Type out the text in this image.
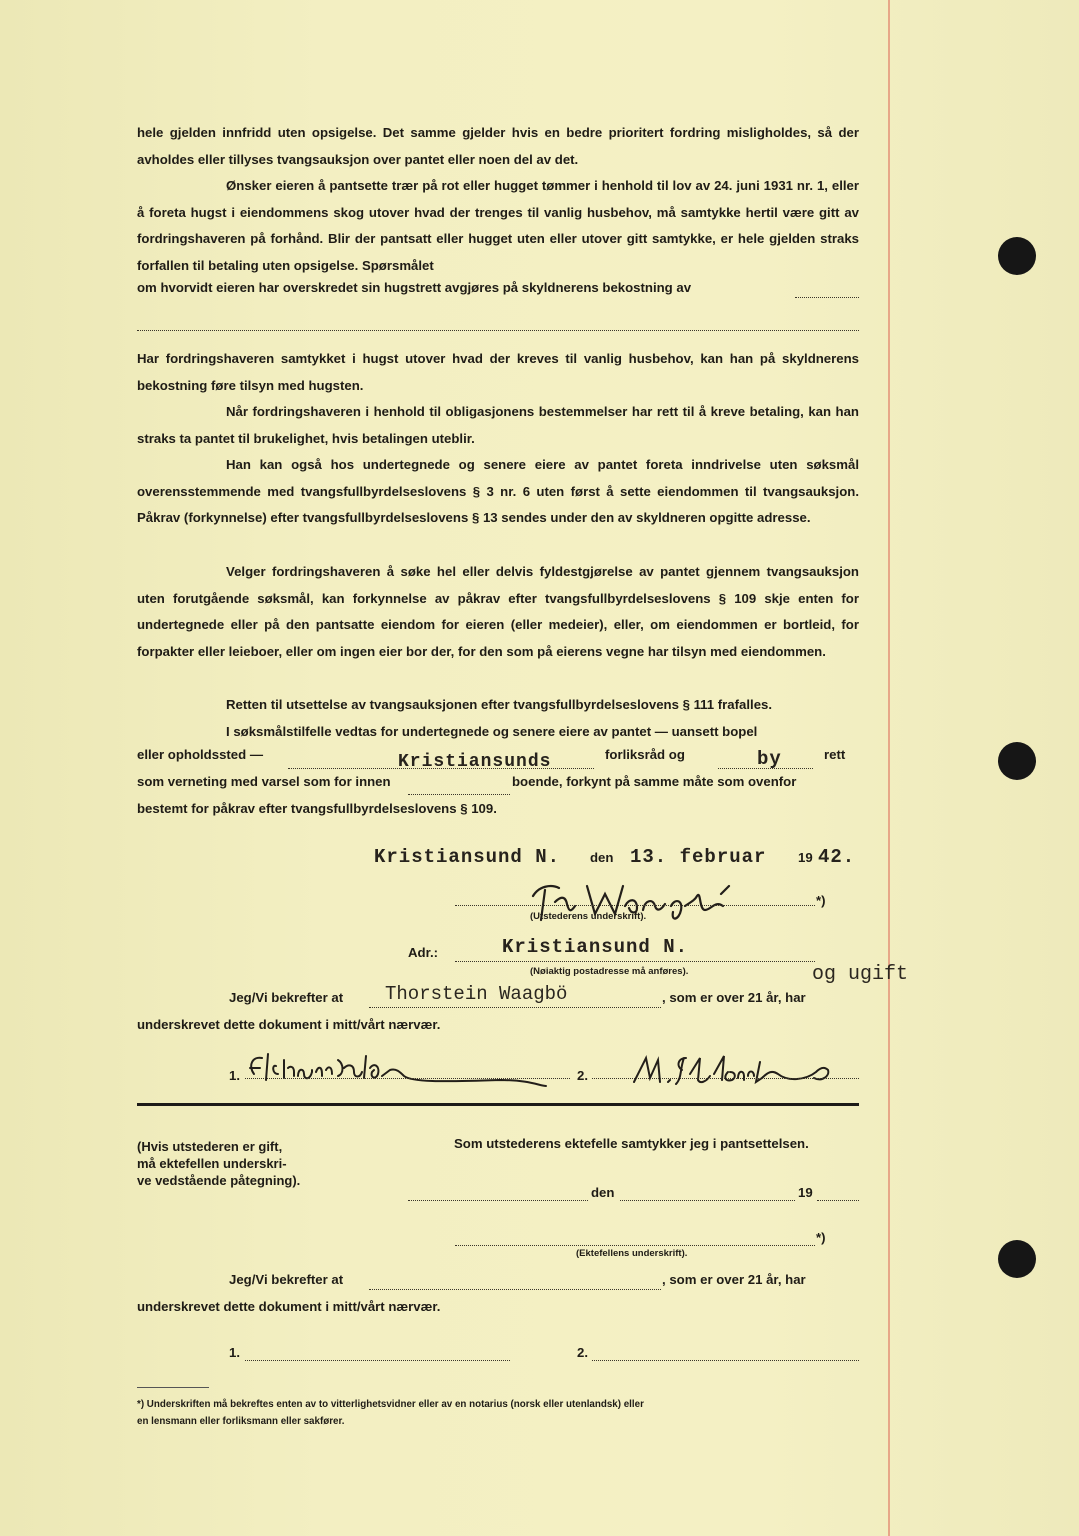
hele gjelden innfridd uten opsigelse. Det samme gjelder hvis en bedre prioritert fordring misligholdes, så der avholdes eller tillyses tvangsauksjon over pantet eller noen del av det.

Ønsker eieren å pantsette trær på rot eller hugget tømmer i henhold til lov av 24. juni 1931 nr. 1, eller å foreta hugst i eiendommens skog utover hvad der trenges til vanlig husbehov, må samtykke hertil være gitt av fordringshaveren på forhånd. Blir der pantsatt eller hugget uten eller utover gitt samtykke, er hele gjelden straks forfallen til betaling uten opsigelse. Spørsmålet

om hvorvidt eieren har overskredet sin hugstrett avgjøres på skyldnerens bekostning av

Har fordringshaveren samtykket i hugst utover hvad der kreves til vanlig husbehov, kan han på skyldnerens bekostning føre tilsyn med hugsten.

Når fordringshaveren i henhold til obligasjonens bestemmelser har rett til å kreve betaling, kan han straks ta pantet til brukelighet, hvis betalingen uteblir.

Han kan også hos undertegnede og senere eiere av pantet foreta inndrivelse uten søksmål overensstemmende med tvangsfullbyrdelseslovens § 3 nr. 6 uten først å sette eiendommen til tvangsauksjon. Påkrav (forkynnelse) efter tvangsfullbyrdelseslovens § 13 sendes under den av skyldneren opgitte adresse.

Velger fordringshaveren å søke hel eller delvis fyldestgjørelse av pantet gjennem tvangsauksjon uten forutgående søksmål, kan forkynnelse av påkrav efter tvangsfullbyrdelseslovens § 109 skje enten for undertegnede eller på den pantsatte eiendom for eieren (eller medeier), eller, om eiendommen er bortleid, for forpakter eller leieboer, eller om ingen eier bor der, for den som på eierens vegne har tilsyn med eiendommen.

Retten til utsettelse av tvangsauksjonen efter tvangsfullbyrdelseslovens § 111 frafalles.

I søksmålstilfelle vedtas for undertegnede og senere eiere av pantet — uansett bopel

eller opholdssted —	Kristiansunds	forliksråd og	by	rett

som verneting med varsel som for innen	boende, forkynt på samme måte som ovenfor

bestemt for påkrav efter tvangsfullbyrdelseslovens § 109.

Kristiansund N. den 13. februar 19 42.

*)

(Utstederens underskrift).

Adr.:	Kristiansund N.

(Nøiaktig postadresse må anføres).	og ugift

Jeg/Vi bekrefter at Thorstein Waagbö	, som er over 21 år, har

underskrevet dette dokument i mitt/vårt nærvær.

1.	2.

(Hvis utstederen er gift,
må ektefellen underskri-
ve vedstående påtegning).

Som utstederens ektefelle samtykker jeg i pantsettelsen.

den	19

*)

(Ektefellens underskrift).

Jeg/Vi bekrefter at	, som er over 21 år, har

underskrevet dette dokument i mitt/vårt nærvær.

1.	2.

*) Underskriften må bekreftes enten av to vitterlighetsvidner eller av en notarius (norsk eller utenlandsk) eller

en lensmann eller forliksmann eller sakfører.
